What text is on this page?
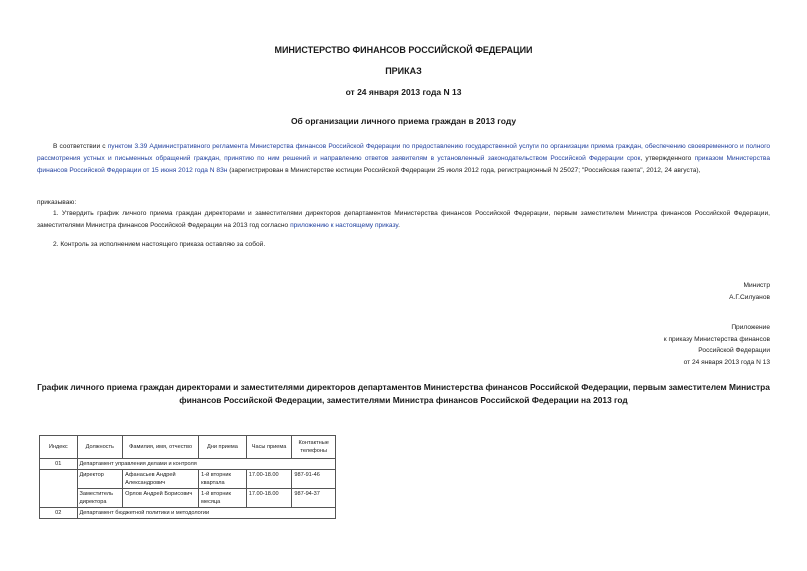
МИНИСТЕРСТВО ФИНАНСОВ РОССИЙСКОЙ ФЕДЕРАЦИИ
ПРИКАЗ
от 24 января 2013 года N 13
Об организации личного приема граждан в 2013 году
В соответствии с пунктом 3.39 Административного регламента Министерства финансов Российской Федерации по предоставлению государственной услуги по организации приема граждан, обеспечению своевременного и полного рассмотрения устных и письменных обращений граждан, принятию по ним решений и направлению ответов заявителям в установленный законодательством Российской Федерации срок, утвержденного приказом Министерства финансов Российской Федерации от 15 июня 2012 года N 83н (зарегистрирован в Министерстве юстиции Российской Федерации 25 июля 2012 года, регистрационный N 25027; "Российская газета", 2012, 24 августа),
приказываю:
1. Утвердить график личного приема граждан директорами и заместителями директоров департаментов Министерства финансов Российской Федерации, первым заместителем Министра финансов Российской Федерации, заместителями Министра финансов Российской Федерации на 2013 год согласно приложению к настоящему приказу.
2. Контроль за исполнением настоящего приказа оставляю за собой.
Министр
А.Г.Силуанов
Приложение
к приказу Министерства финансов
Российской Федерации
от 24 января 2013 года N 13
График личного приема граждан директорами и заместителями директоров департаментов Министерства финансов Российской Федерации, первым заместителем Министра финансов Российской Федерации, заместителями Министра финансов Российской Федерации на 2013 год
Индекс	Должность	Фамилия, имя, отчество	Дни приема	Часы приема	Контактные телефоны
01	Департамент управления делами и контроля				
	Директор	Афанасьев Андрей Александрович	1-й вторник квартала	17.00-18.00	987-91-46
	Заместитель директора	Орлов Андрей Борисович	1-й вторник месяца	17.00-18.00	987-94-37
02	Департамент бюджетной политики и методологии				
